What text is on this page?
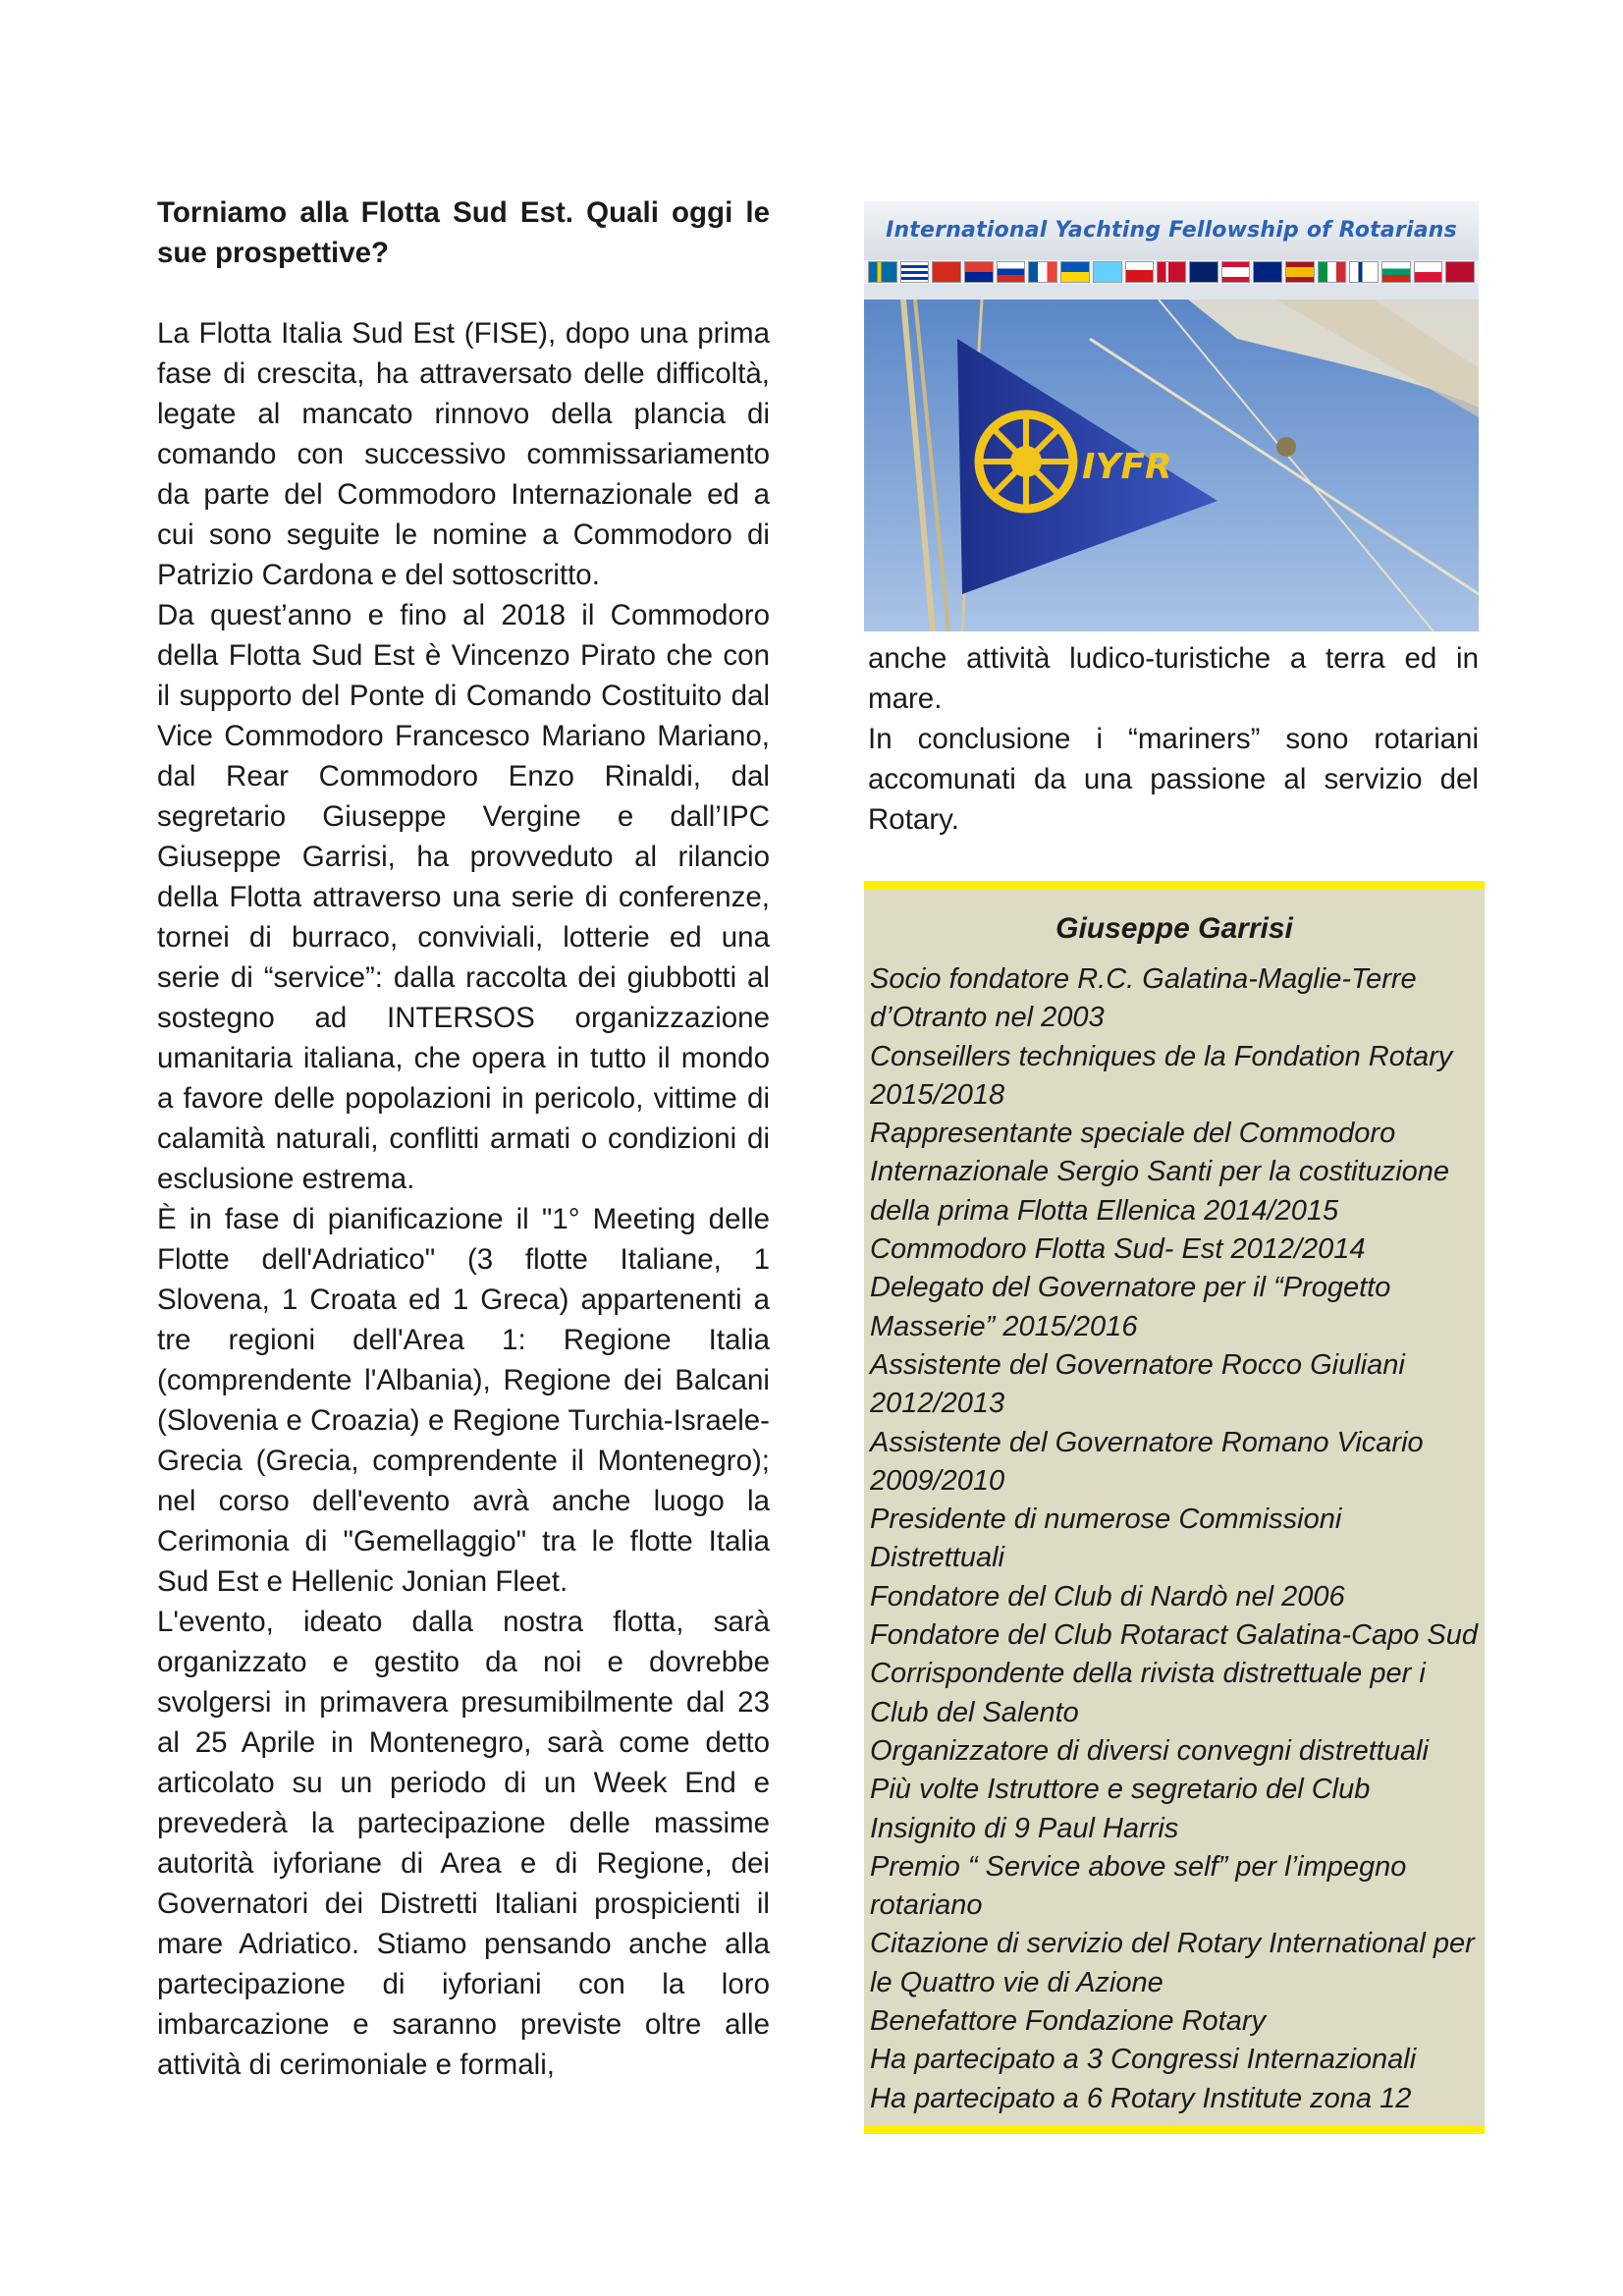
Torniamo alla Flotta Sud Est. Quali oggi le sue prospettive?

La Flotta Italia Sud Est (FISE), dopo una prima fase di crescita, ha attraversato delle difficoltà, legate al mancato rinnovo della plancia di comando con successivo commissariamento da parte del Commodoro Internazionale ed a cui sono seguite le nomine a Commodoro di Patrizio Cardona e del sottoscritto.

Da quest’anno e fino al 2018 il Commodoro della Flotta Sud Est è Vincenzo Pirato che con il supporto del Ponte di Comando Costituito dal Vice Commodoro Francesco Mariano Mariano, dal Rear Commodoro Enzo Rinaldi, dal segretario Giuseppe Vergine e dall’IPC Giuseppe Garrisi, ha provveduto al rilancio della Flotta attraverso una serie di conferenze, tornei di burraco, conviviali, lotterie ed una serie di “service”: dalla raccolta dei giubbotti al sostegno ad INTERSOS organizzazione umanitaria italiana, che opera in tutto il mondo a favore delle popolazioni in pericolo, vittime di calamità naturali, conflitti armati o condizioni di esclusione estrema.

È in fase di pianificazione il "1° Meeting delle Flotte dell'Adriatico" (3 flotte Italiane, 1 Slovena, 1 Croata ed 1 Greca) appartenenti a tre regioni dell'Area 1: Regione Italia (comprendente l'Albania), Regione dei Balcani (Slovenia e Croazia) e Regione Turchia-Israele-Grecia (Grecia, comprendente il Montenegro); nel corso dell'evento avrà anche luogo la Cerimonia di "Gemellaggio" tra le flotte Italia Sud Est e Hellenic Jonian Fleet.

L'evento, ideato dalla nostra flotta, sarà organizzato e gestito da noi e dovrebbe svolgersi in primavera presumibilmente dal 23 al 25 Aprile in Montenegro, sarà come detto articolato su un periodo di un Week End e prevederà la partecipazione delle massime autorità iyforiane di Area e di Regione, dei Governatori dei Distretti Italiani prospicienti il mare Adriatico. Stiamo pensando anche alla partecipazione di iyforiani con la loro imbarcazione e saranno previste oltre alle attività di cerimoniale e formali,

International Yachting Fellowship of Rotarians
IYFR

anche attività ludico-turistiche a terra ed in mare.

In conclusione i “mariners” sono rotariani accomunati da una passione al servizio del Rotary.

Giuseppe Garrisi
Socio fondatore R.C. Galatina-Maglie-Terre d’Otranto nel 2003
Conseillers techniques de la Fondation Rotary 2015/2018
Rappresentante speciale del Commodoro Internazionale Sergio Santi per la costituzione della prima Flotta Ellenica 2014/2015
Commodoro Flotta Sud- Est 2012/2014
Delegato del Governatore per il “Progetto Masserie” 2015/2016
Assistente del Governatore Rocco Giuliani 2012/2013
Assistente del Governatore Romano Vicario 2009/2010
Presidente di numerose Commissioni Distrettuali
Fondatore del Club di Nardò nel 2006
Fondatore del Club Rotaract Galatina-Capo Sud
Corrispondente della rivista distrettuale per i Club del Salento
Organizzatore di diversi convegni distrettuali
Più volte Istruttore e segretario del Club
Insignito di 9 Paul Harris
Premio “ Service above self” per l’impegno rotariano
Citazione di servizio del Rotary International per le Quattro vie di Azione
Benefattore Fondazione Rotary
Ha partecipato a 3 Congressi Internazionali
Ha partecipato a 6 Rotary Institute zona 12
